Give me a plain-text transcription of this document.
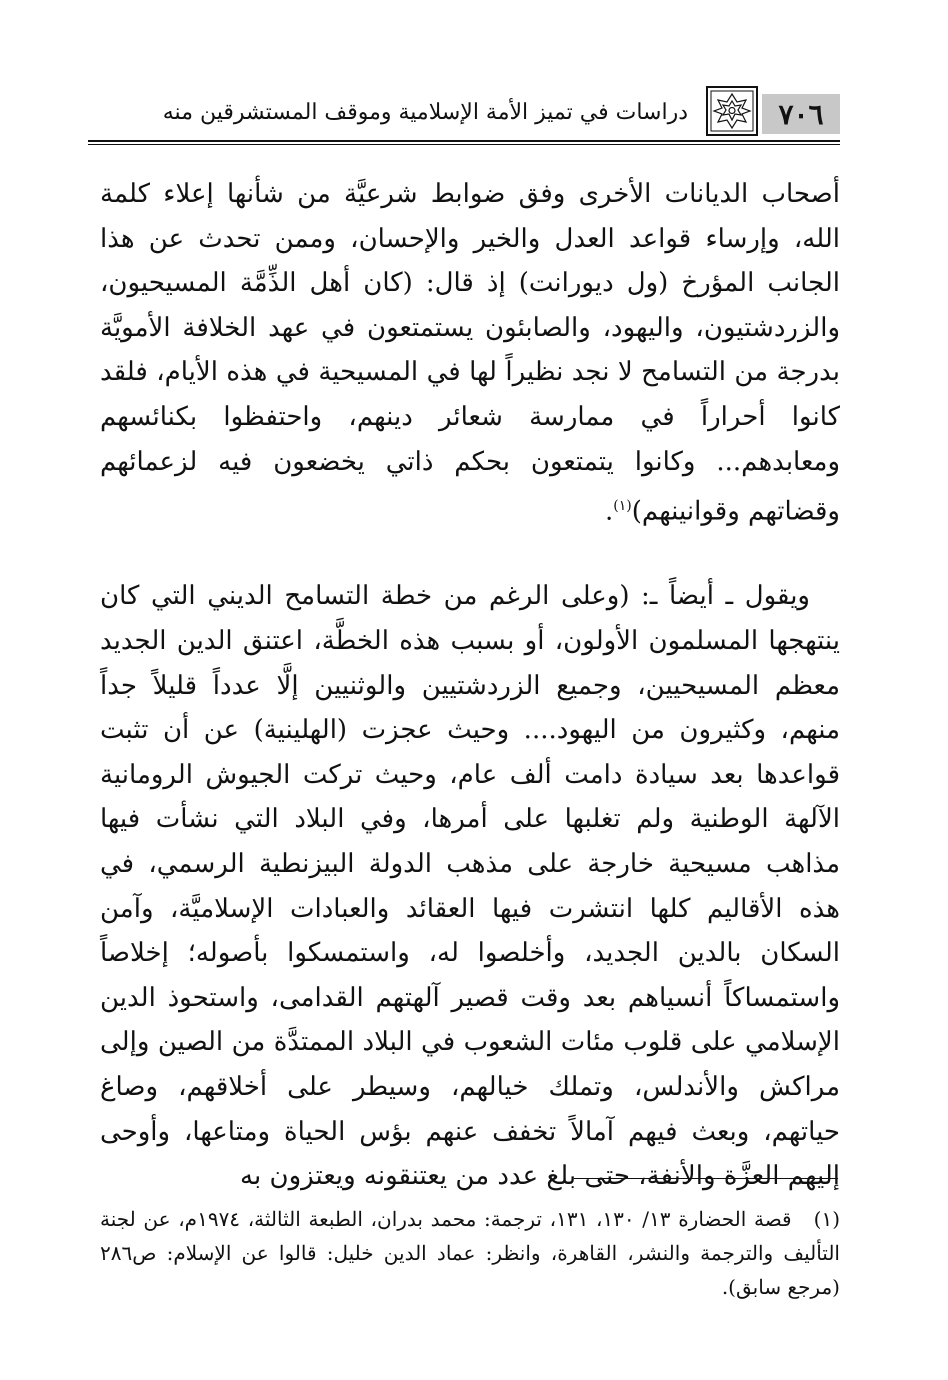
٧٠٦
دراسات في تميز الأمة الإسلامية وموقف المستشرقين منه

أصحاب الديانات الأخرى وفق ضوابط شرعيَّة من شأنها إعلاء كلمة الله، وإرساء قواعد العدل والخير والإحسان، وممن تحدث عن هذا الجانب المؤرخ (ول ديورانت) إذ قال: (كان أهل الذِّمَّة المسيحيون، والزردشتيون، واليهود، والصابئون يستمتعون في عهد الخلافة الأمويَّة بدرجة من التسامح لا نجد نظيراً لها في المسيحية في هذه الأيام، فلقد كانوا أحراراً في ممارسة شعائر دينهم، واحتفظوا بكنائسهم ومعابدهم... وكانوا يتمتعون بحكم ذاتي يخضعون فيه لزعمائهم وقضاتهم وقوانينهم)$^{(١)}$.

ويقول ـ أيضاً ـ: (وعلى الرغم من خطة التسامح الديني التي كان ينتهجها المسلمون الأولون، أو بسبب هذه الخطَّة، اعتنق الدين الجديد معظم المسيحيين، وجميع الزردشتيين والوثنيين إلَّا عدداً قليلاً جداً منهم، وكثيرون من اليهود.... وحيث عجزت (الهلينية) عن أن تثبت قواعدها بعد سيادة دامت ألف عام، وحيث تركت الجيوش الرومانية الآلهة الوطنية ولم تغلبها على أمرها، وفي البلاد التي نشأت فيها مذاهب مسيحية خارجة على مذهب الدولة البيزنطية الرسمي، في هذه الأقاليم كلها انتشرت فيها العقائد والعبادات الإسلاميَّة، وآمن السكان بالدين الجديد، وأخلصوا له، واستمسكوا بأصوله؛ إخلاصاً واستمساكاً أنسياهم بعد وقت قصير آلهتهم القدامى، واستحوذ الدين الإسلامي على قلوب مئات الشعوب في البلاد الممتدَّة من الصين وإلى مراكش والأندلس، وتملك خيالهم، وسيطر على أخلاقهم، وصاغ حياتهم، وبعث فيهم آمالاً تخفف عنهم بؤس الحياة ومتاعها، وأوحى إليهم العزَّة والأنفة، حتى بلغ عدد من يعتنقونه ويعتزون به

(١)قصة الحضارة ١٣/ ١٣٠، ١٣١، ترجمة: محمد بدران، الطبعة الثالثة، ١٩٧٤م، عن لجنة التأليف والترجمة والنشر، القاهرة، وانظر: عماد الدين خليل: قالوا عن الإسلام: ص٢٨٦ (مرجع سابق).
